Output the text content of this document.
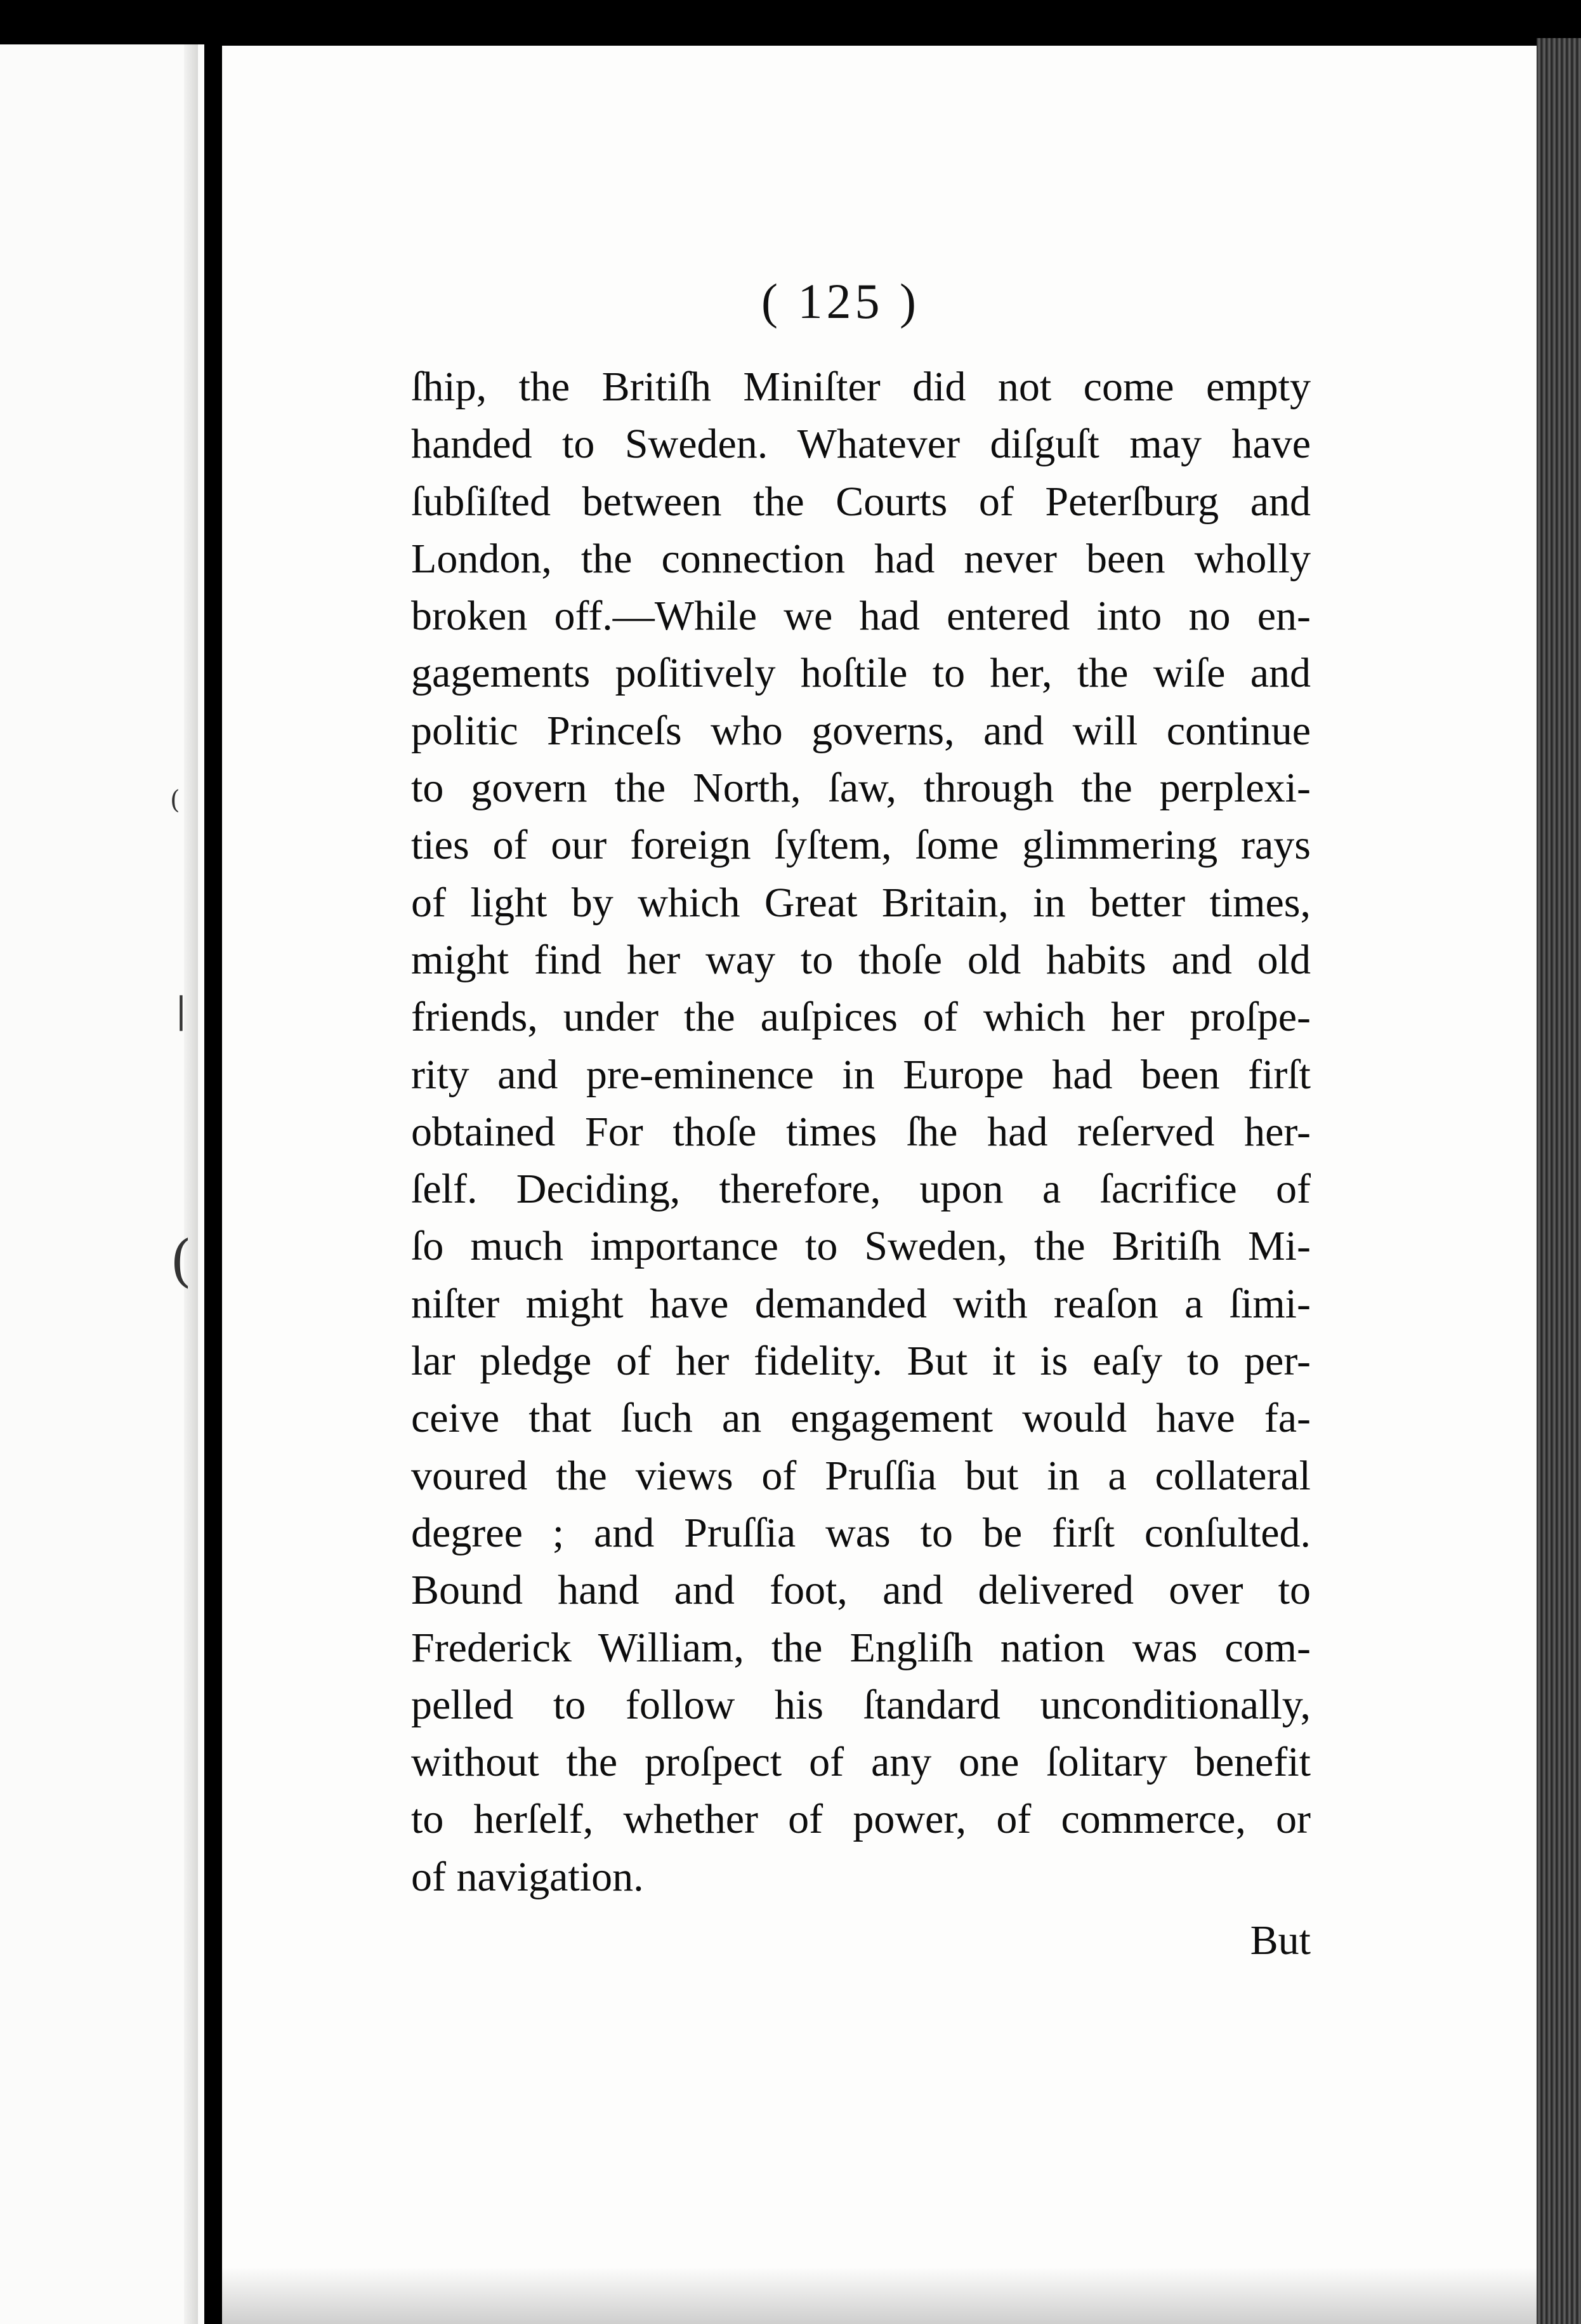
(
|
(
( 125 )
ſhip, the Britiſh Miniſter did not come empty
handed to Sweden. Whatever diſguſt may have
ſubſiſted between the Courts of Peterſburg and
London, the connection had never been wholly
broken off.—While we had entered into no en-
gagements poſitively hoſtile to her, the wiſe and
politic Princeſs who governs, and will continue
to govern the North, ſaw, through the perplexi-
ties of our foreign ſyſtem, ſome glimmering rays
of light by which Great Britain, in better times,
might find her way to thoſe old habits and old
friends, under the auſpices of which her proſpe-
rity and pre-eminence in Europe had been firſt
obtained For thoſe times ſhe had reſerved her-
ſelf. Deciding, therefore, upon a ſacrifice of
ſo much importance to Sweden, the Britiſh Mi-
niſter might have demanded with reaſon a ſimi-
lar pledge of her fidelity. But it is eaſy to per-
ceive that ſuch an engagement would have fa-
voured the views of Pruſſia but in a collateral
degree ; and Pruſſia was to be firſt conſulted.
Bound hand and foot, and delivered over to
Frederick William, the Engliſh nation was com-
pelled to follow his ſtandard unconditionally,
without the proſpect of any one ſolitary benefit
to herſelf, whether of power, of commerce, or
of navigation.
But
